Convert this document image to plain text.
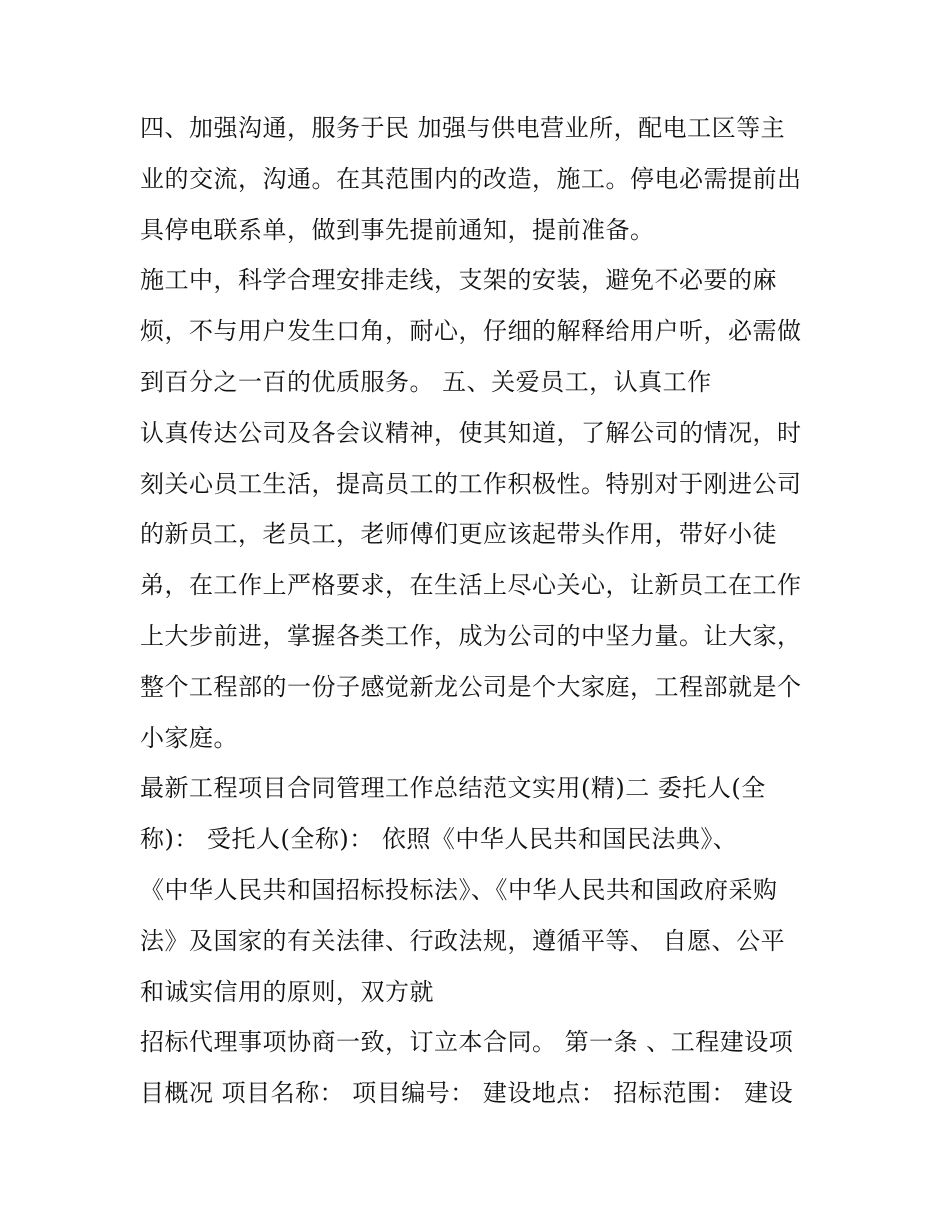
四、加强沟通，服务于民 加强与供电营业所，配电工区等主
业的交流，沟通。在其范围内的改造，施工。停电必需提前出
具停电联系单，做到事先提前通知，提前准备。
施工中，科学合理安排走线，支架的安装，避免不必要的麻
烦，不与用户发生口角，耐心，仔细的解释给用户听，必需做
到百分之一百的优质服务。 五、关爱员工，认真工作
认真传达公司及各会议精神，使其知道，了解公司的情况，时
刻关心员工生活，提高员工的工作积极性。特别对于刚进公司
的新员工，老员工，老师傅们更应该起带头作用，带好小徒
弟，在工作上严格要求，在生活上尽心关心，让新员工在工作
上大步前进，掌握各类工作，成为公司的中坚力量。让大家，
整个工程部的一份子感觉新龙公司是个大家庭，工程部就是个
小家庭。
最新工程项目合同管理工作总结范文实用(精)二 委托人(全
称)： 受托人(全称)： 依照《中华人民共和国民法典》、
《中华人民共和国招标投标法》、《中华人民共和国政府采购
法》及国家的有关法律、行政法规，遵循平等、 自愿、公平
和诚实信用的原则，双方就
招标代理事项协商一致，订立本合同。 第一条 、工程建设项
目概况 项目名称： 项目编号： 建设地点： 招标范围： 建设
